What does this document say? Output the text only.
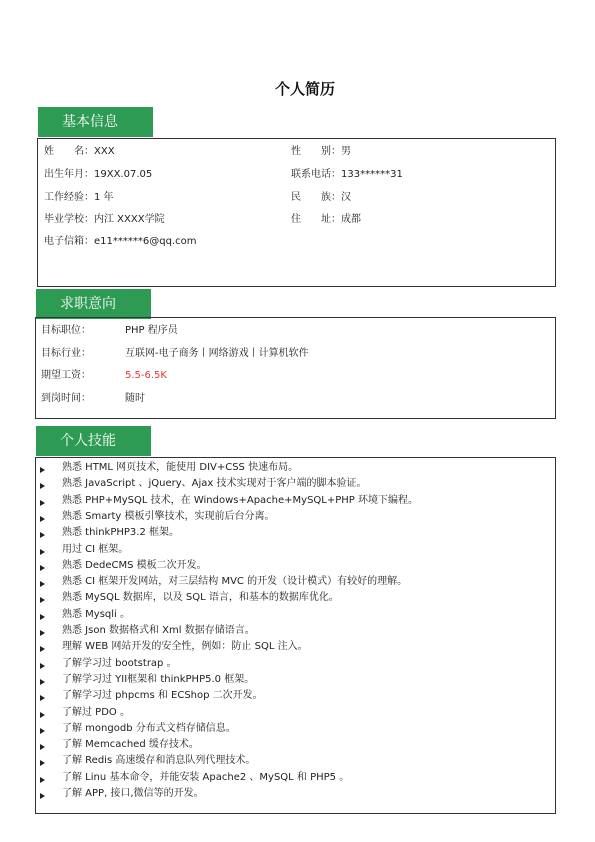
个人简历
基本信息
姓　　名：XXX
出生年月：19XX.07.05
工作经验：1 年
毕业学校：内江 XXXX学院
电子信箱：e11******6@qq.com
性　　别：男
联系电话：133******31
民　　族：汉
住　　址：成都
求职意向
目标职位：	PHP 程序员
目标行业：	互联网-电子商务丨网络游戏丨计算机软件
期望工资：	5.5-6.5K
到岗时间：	随时
个人技能
熟悉 HTML 网页技术，能使用 DIV+CSS 快速布局。
熟悉 JavaScript 、jQuery、Ajax 技术实现对于客户端的脚本验证。
熟悉 PHP+MySQL 技术，在 Windows+Apache+MySQL+PHP 环境下编程。
熟悉 Smarty 模板引擎技术，实现前后台分离。
熟悉 thinkPHP3.2 框架。
用过 CI 框架。
熟悉 DedeCMS 模板二次开发。
熟悉 CI 框架开发网站，对三层结构 MVC 的开发（设计模式）有较好的理解。
熟悉 MySQL 数据库，以及 SQL 语言，和基本的数据库优化。
熟悉 Mysqli 。
熟悉 Json 数据格式和 Xml 数据存储语言。
理解 WEB 网站开发的安全性，例如：防止 SQL 注入。
了解学习过 bootstrap 。
了解学习过 YII框架和 thinkPHP5.0 框架。
了解学习过 phpcms 和 ECShop 二次开发。
了解过 PDO 。
了解 mongodb 分布式文档存储信息。
了解 Memcached 缓存技术。
了解 Redis 高速缓存和消息队列代理技术。
了解 Linu 基本命令，并能安装 Apache2 、MySQL 和 PHP5 。
了解 APP, 接口,微信等的开发。
